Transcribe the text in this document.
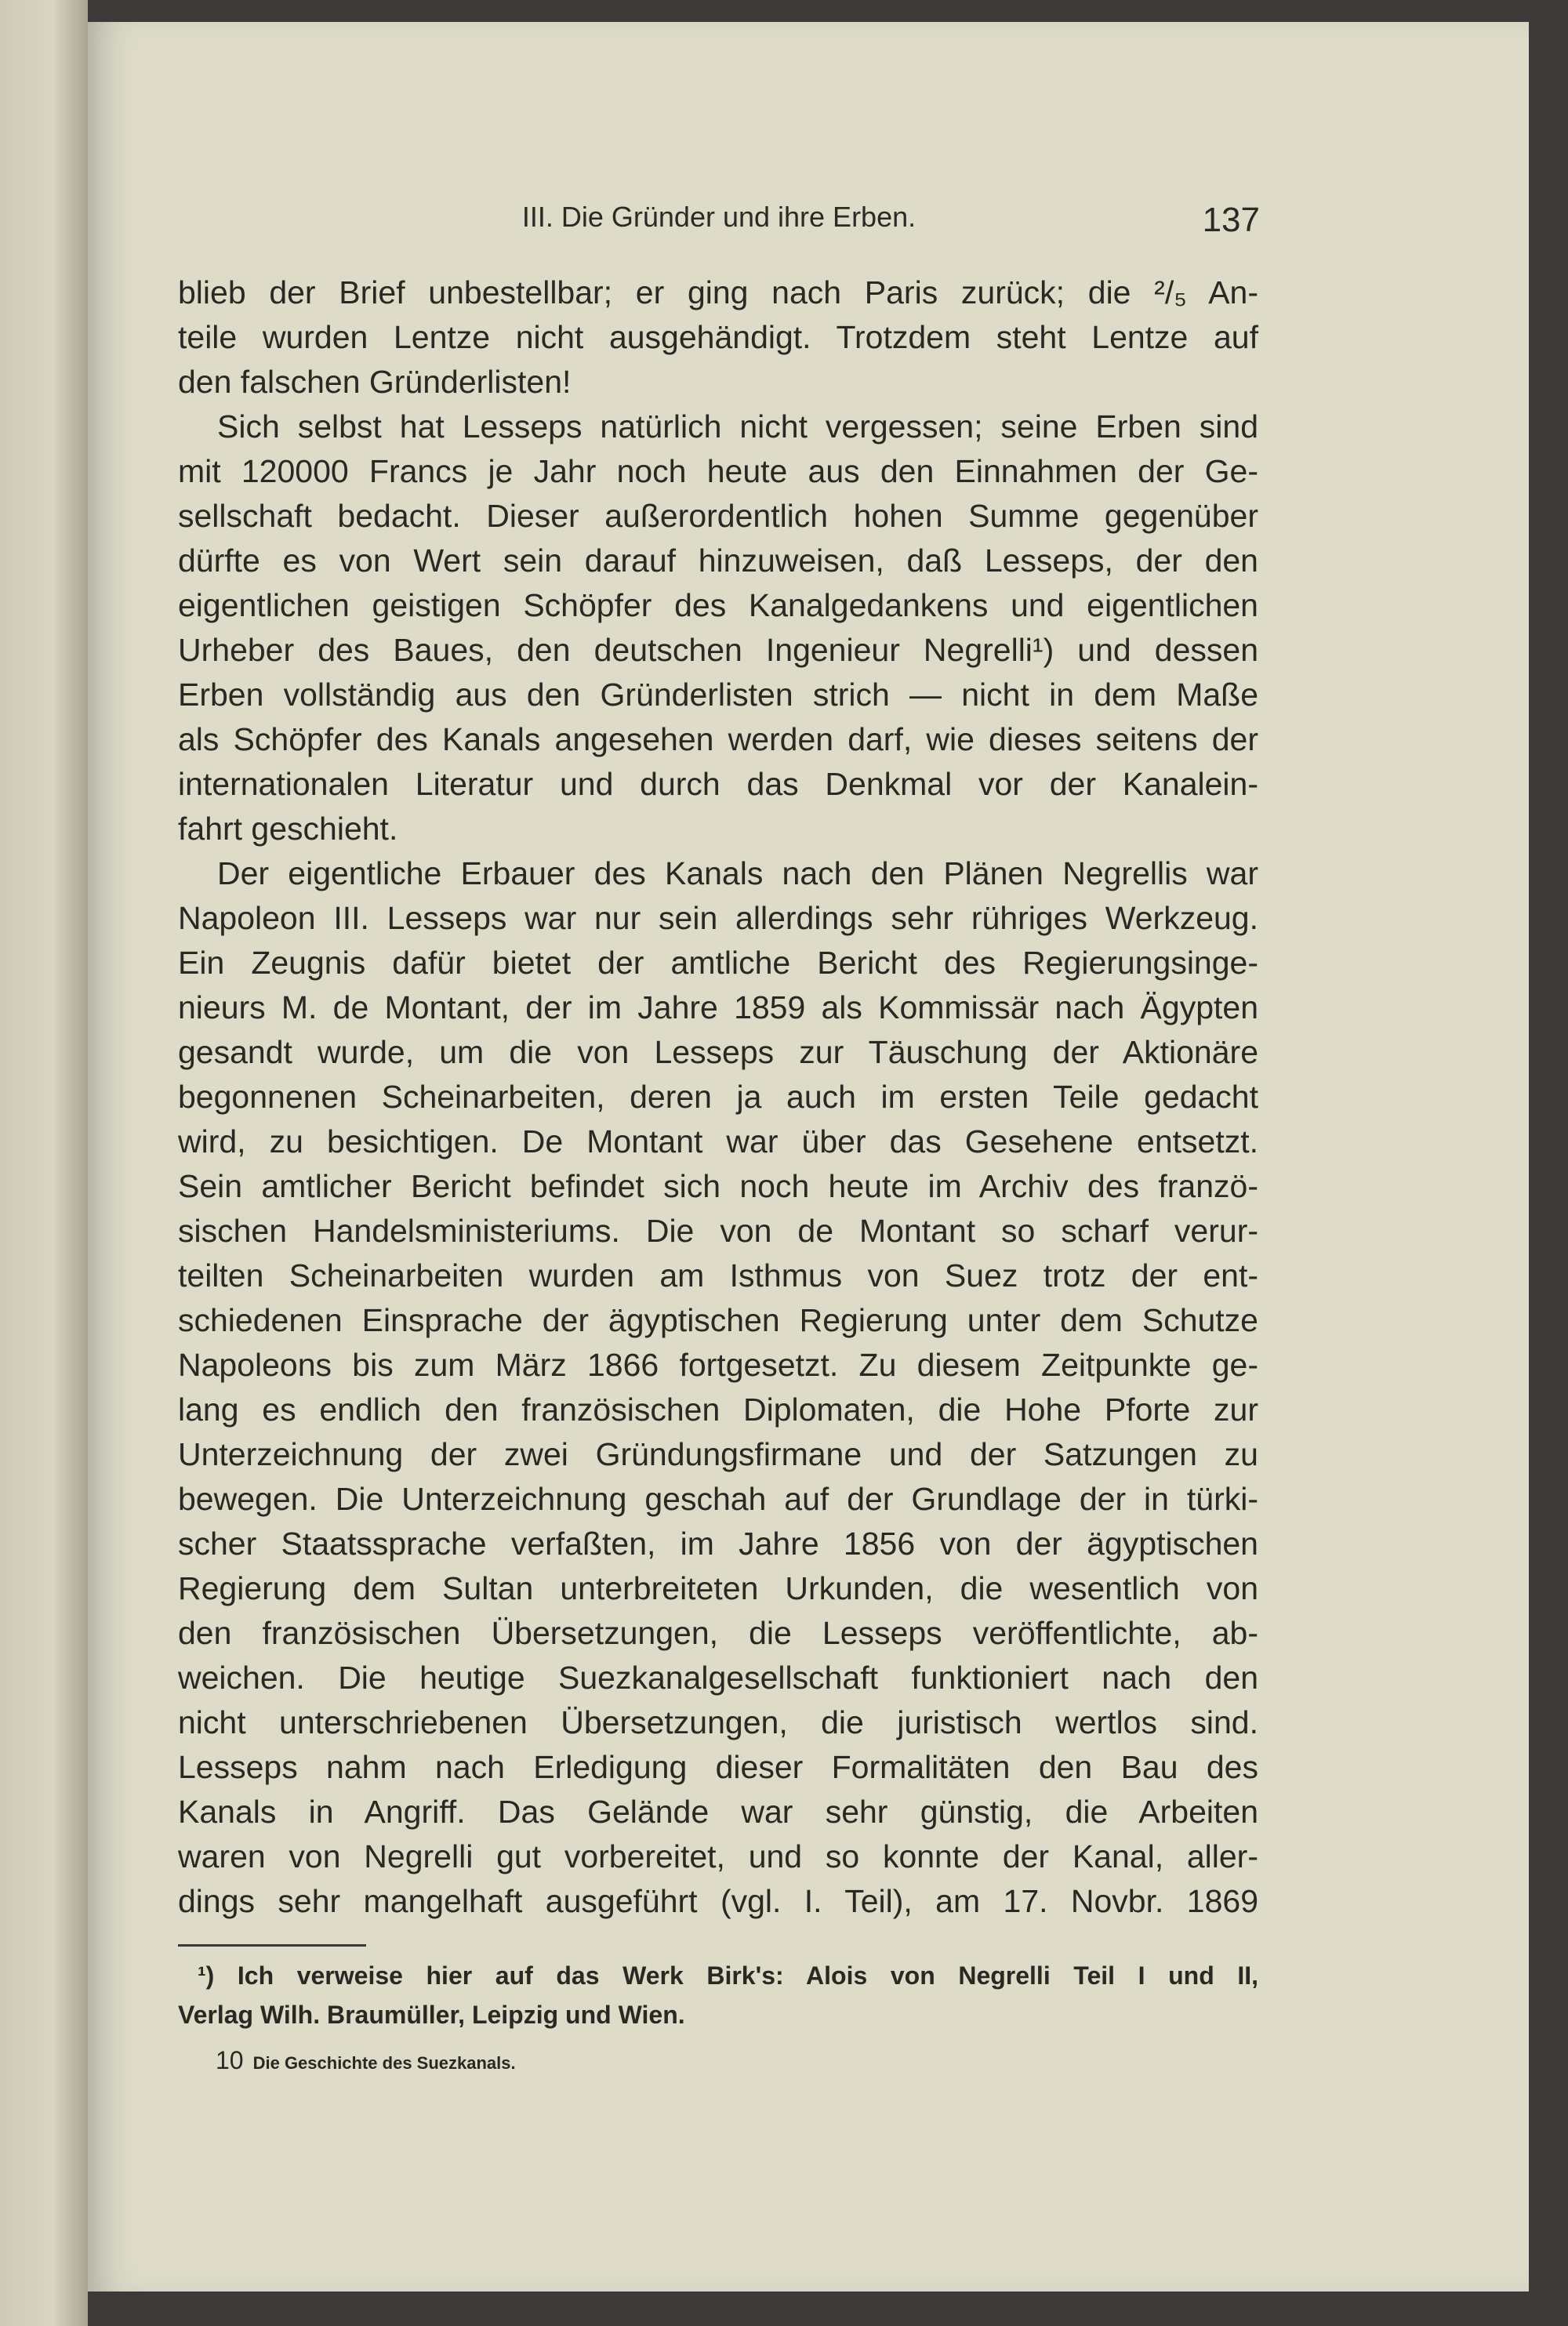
III. Die Gründer und ihre Erben.	137
blieb der Brief unbestellbar; er ging nach Paris zurück; die ²/₅ An-
teile wurden Lentze nicht ausgehändigt. Trotzdem steht Lentze auf
den falschen Gründerlisten!
Sich selbst hat Lesseps natürlich nicht vergessen; seine Erben sind
mit 120000 Francs je Jahr noch heute aus den Einnahmen der Ge-
sellschaft bedacht. Dieser außerordentlich hohen Summe gegenüber
dürfte es von Wert sein darauf hinzuweisen, daß Lesseps, der den
eigentlichen geistigen Schöpfer des Kanalgedankens und eigentlichen
Urheber des Baues, den deutschen Ingenieur Negrelli¹) und dessen
Erben vollständig aus den Gründerlisten strich — nicht in dem Maße
als Schöpfer des Kanals angesehen werden darf, wie dieses seitens der
internationalen Literatur und durch das Denkmal vor der Kanalein-
fahrt geschieht.
Der eigentliche Erbauer des Kanals nach den Plänen Negrellis war
Napoleon III. Lesseps war nur sein allerdings sehr rühriges Werkzeug.
Ein Zeugnis dafür bietet der amtliche Bericht des Regierungsinge-
nieurs M. de Montant, der im Jahre 1859 als Kommissär nach Ägypten
gesandt wurde, um die von Lesseps zur Täuschung der Aktionäre
begonnenen Scheinarbeiten, deren ja auch im ersten Teile gedacht
wird, zu besichtigen. De Montant war über das Gesehene entsetzt.
Sein amtlicher Bericht befindet sich noch heute im Archiv des franzö-
sischen Handelsministeriums. Die von de Montant so scharf verur-
teilten Scheinarbeiten wurden am Isthmus von Suez trotz der ent-
schiedenen Einsprache der ägyptischen Regierung unter dem Schutze
Napoleons bis zum März 1866 fortgesetzt. Zu diesem Zeitpunkte ge-
lang es endlich den französischen Diplomaten, die Hohe Pforte zur
Unterzeichnung der zwei Gründungsfirmane und der Satzungen zu
bewegen. Die Unterzeichnung geschah auf der Grundlage der in türki-
scher Staatssprache verfaßten, im Jahre 1856 von der ägyptischen
Regierung dem Sultan unterbreiteten Urkunden, die wesentlich von
den französischen Übersetzungen, die Lesseps veröffentlichte, ab-
weichen. Die heutige Suezkanalgesellschaft funktioniert nach den
nicht unterschriebenen Übersetzungen, die juristisch wertlos sind.
Lesseps nahm nach Erledigung dieser Formalitäten den Bau des
Kanals in Angriff. Das Gelände war sehr günstig, die Arbeiten
waren von Negrelli gut vorbereitet, und so konnte der Kanal, aller-
dings sehr mangelhaft ausgeführt (vgl. I. Teil), am 17. Novbr. 1869
¹) Ich verweise hier auf das Werk Birk's: Alois von Negrelli Teil I und II,
Verlag Wilh. Braumüller, Leipzig und Wien.
10 Die Geschichte des Suezkanals.
